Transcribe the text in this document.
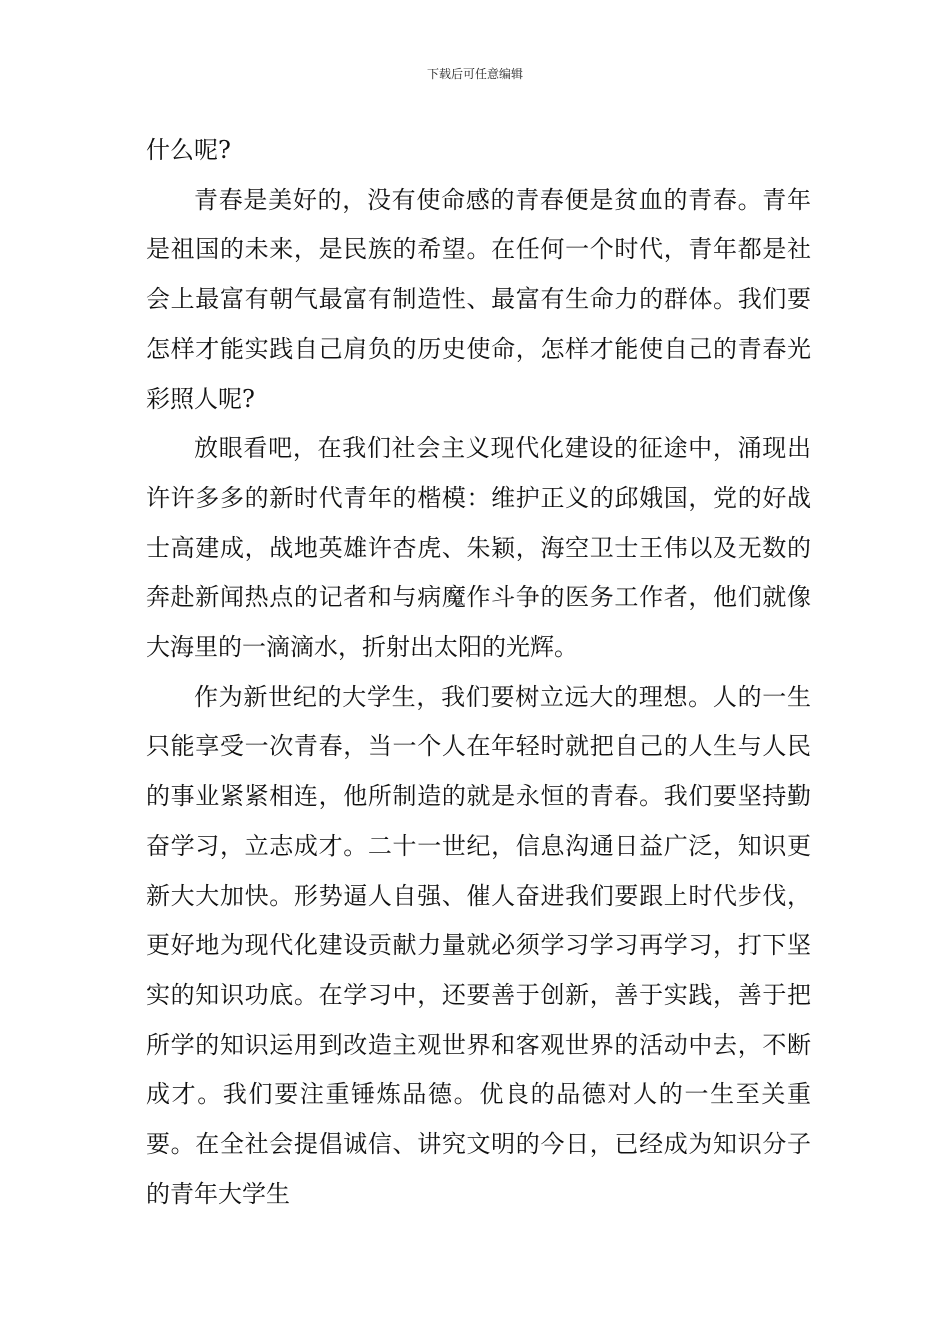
下载后可任意编辑

什么呢?

青春是美好的，没有使命感的青春便是贫血的青春。青年是祖国的未来，是民族的希望。在任何一个时代，青年都是社会上最富有朝气最富有制造性、最富有生命力的群体。我们要怎样才能实践自己肩负的历史使命，怎样才能使自己的青春光彩照人呢?

放眼看吧，在我们社会主义现代化建设的征途中，涌现出许许多多的新时代青年的楷模：维护正义的邱娥国，党的好战士高建成，战地英雄许杏虎、朱颖，海空卫士王伟以及无数的奔赴新闻热点的记者和与病魔作斗争的医务工作者，他们就像大海里的一滴滴水，折射出太阳的光辉。

作为新世纪的大学生，我们要树立远大的理想。人的一生只能享受一次青春，当一个人在年轻时就把自己的人生与人民的事业紧紧相连，他所制造的就是永恒的青春。我们要坚持勤奋学习，立志成才。二十一世纪，信息沟通日益广泛，知识更新大大加快。形势逼人自强、催人奋进我们要跟上时代步伐，更好地为现代化建设贡献力量就必须学习学习再学习，打下坚实的知识功底。在学习中，还要善于创新，善于实践，善于把所学的知识运用到改造主观世界和客观世界的活动中去，不断成才。我们要注重锤炼品德。优良的品德对人的一生至关重要。在全社会提倡诚信、讲究文明的今日，已经成为知识分子的青年大学生
